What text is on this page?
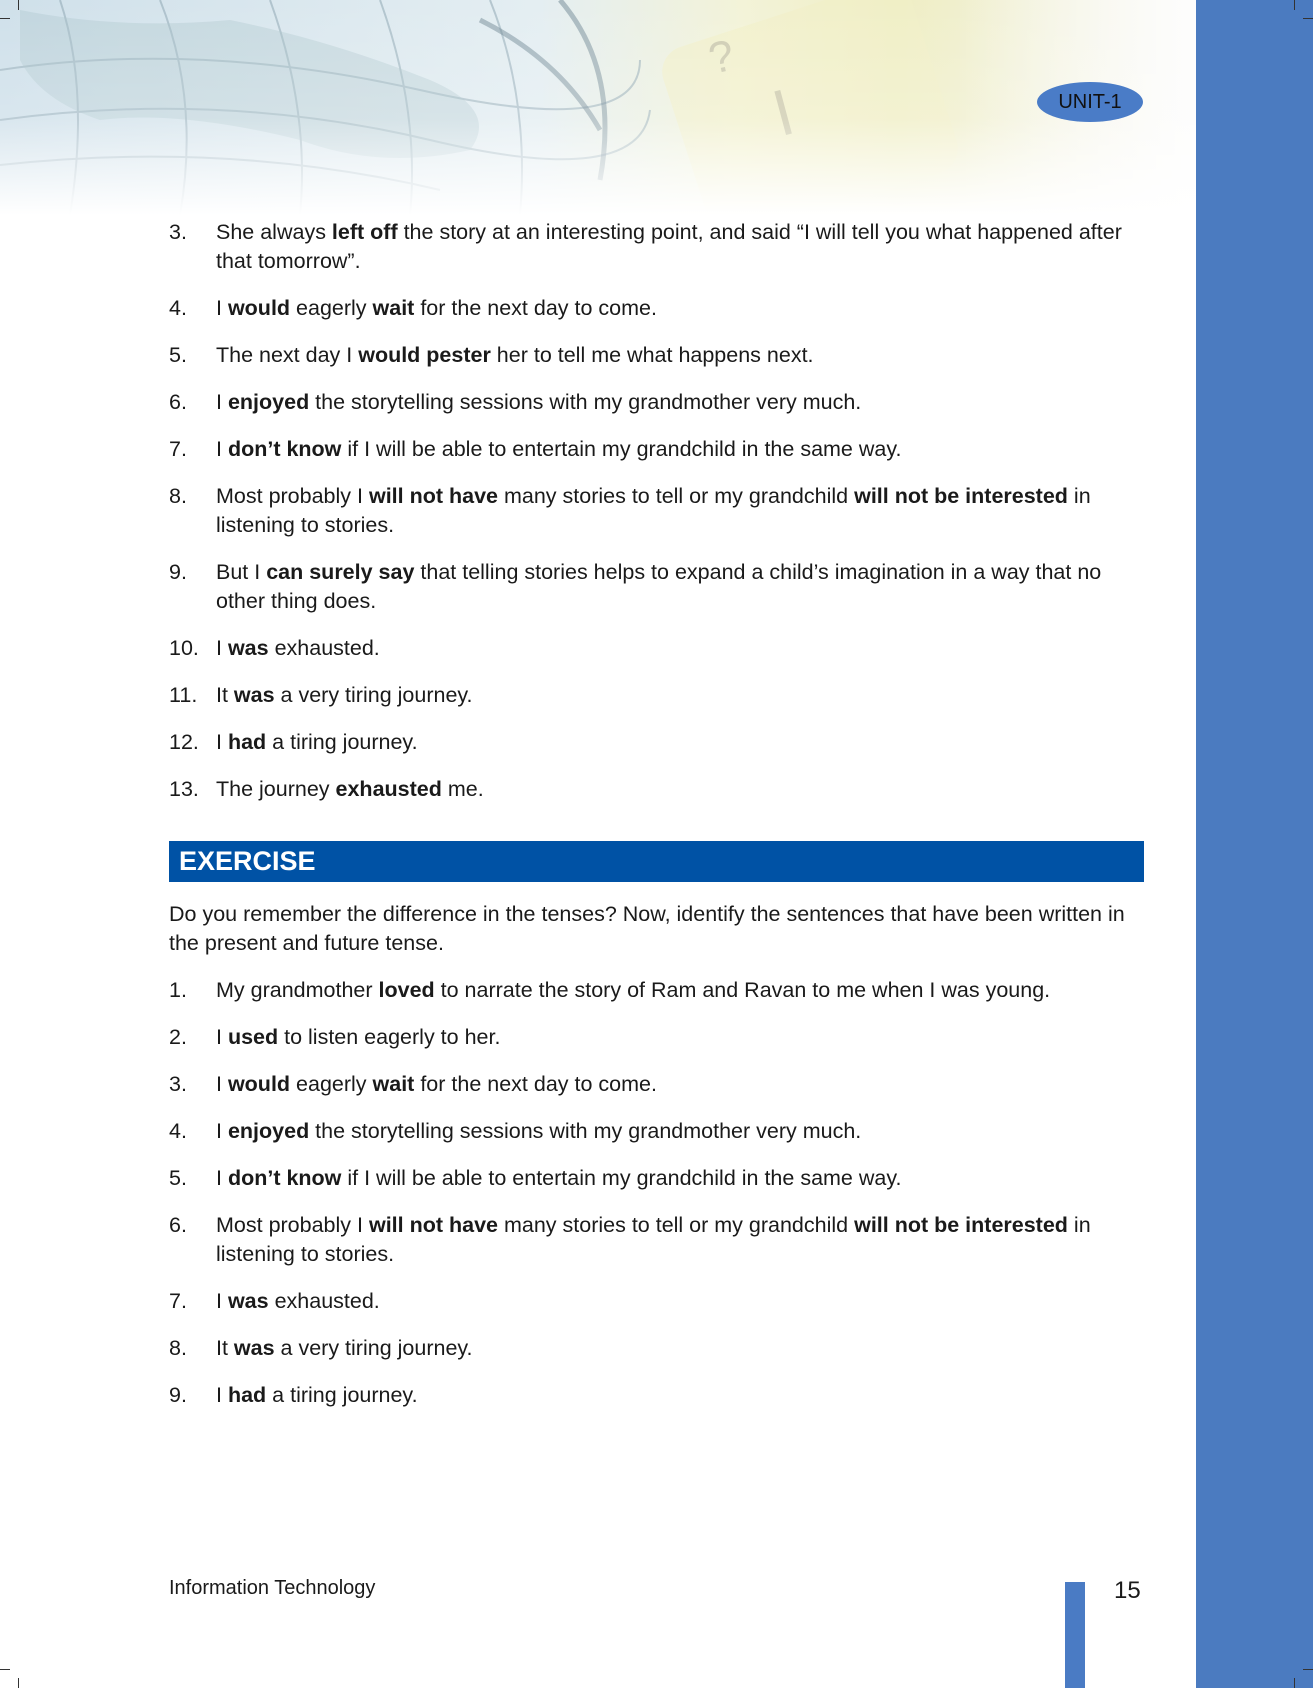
UNIT-1
3.	She always left off the story at an interesting point, and said “I will tell you what happened after that tomorrow”.
4.	I would eagerly wait for the next day to come.
5.	The next day I would pester her to tell me what happens next.
6.	I enjoyed the storytelling sessions with my grandmother very much.
7.	I don’t know if I will be able to entertain my grandchild in the same way.
8.	Most probably I will not have many stories to tell or my grandchild will not be interested in listening to stories.
9.	But I can surely say that telling stories helps to expand a child’s imagination in a way that no other thing does.
10. I was exhausted.
11. It was a very tiring journey.
12. I had a tiring journey.
13. The journey exhausted me.
EXERCISE
Do you remember the difference in the tenses? Now, identify the sentences that have been written in the present and future tense.
1.	My grandmother loved to narrate the story of Ram and Ravan to me when I was young.
2.	I used to listen eagerly to her.
3.	I would eagerly wait for the next day to come.
4.	I enjoyed the storytelling sessions with my grandmother very much.
5.	I don’t know if I will be able to entertain my grandchild in the same way.
6.	Most probably I will not have many stories to tell or my grandchild will not be interested in listening to stories.
7.	I was exhausted.
8.	It was a very tiring journey.
9.	I had a tiring journey.
Information Technology	15
